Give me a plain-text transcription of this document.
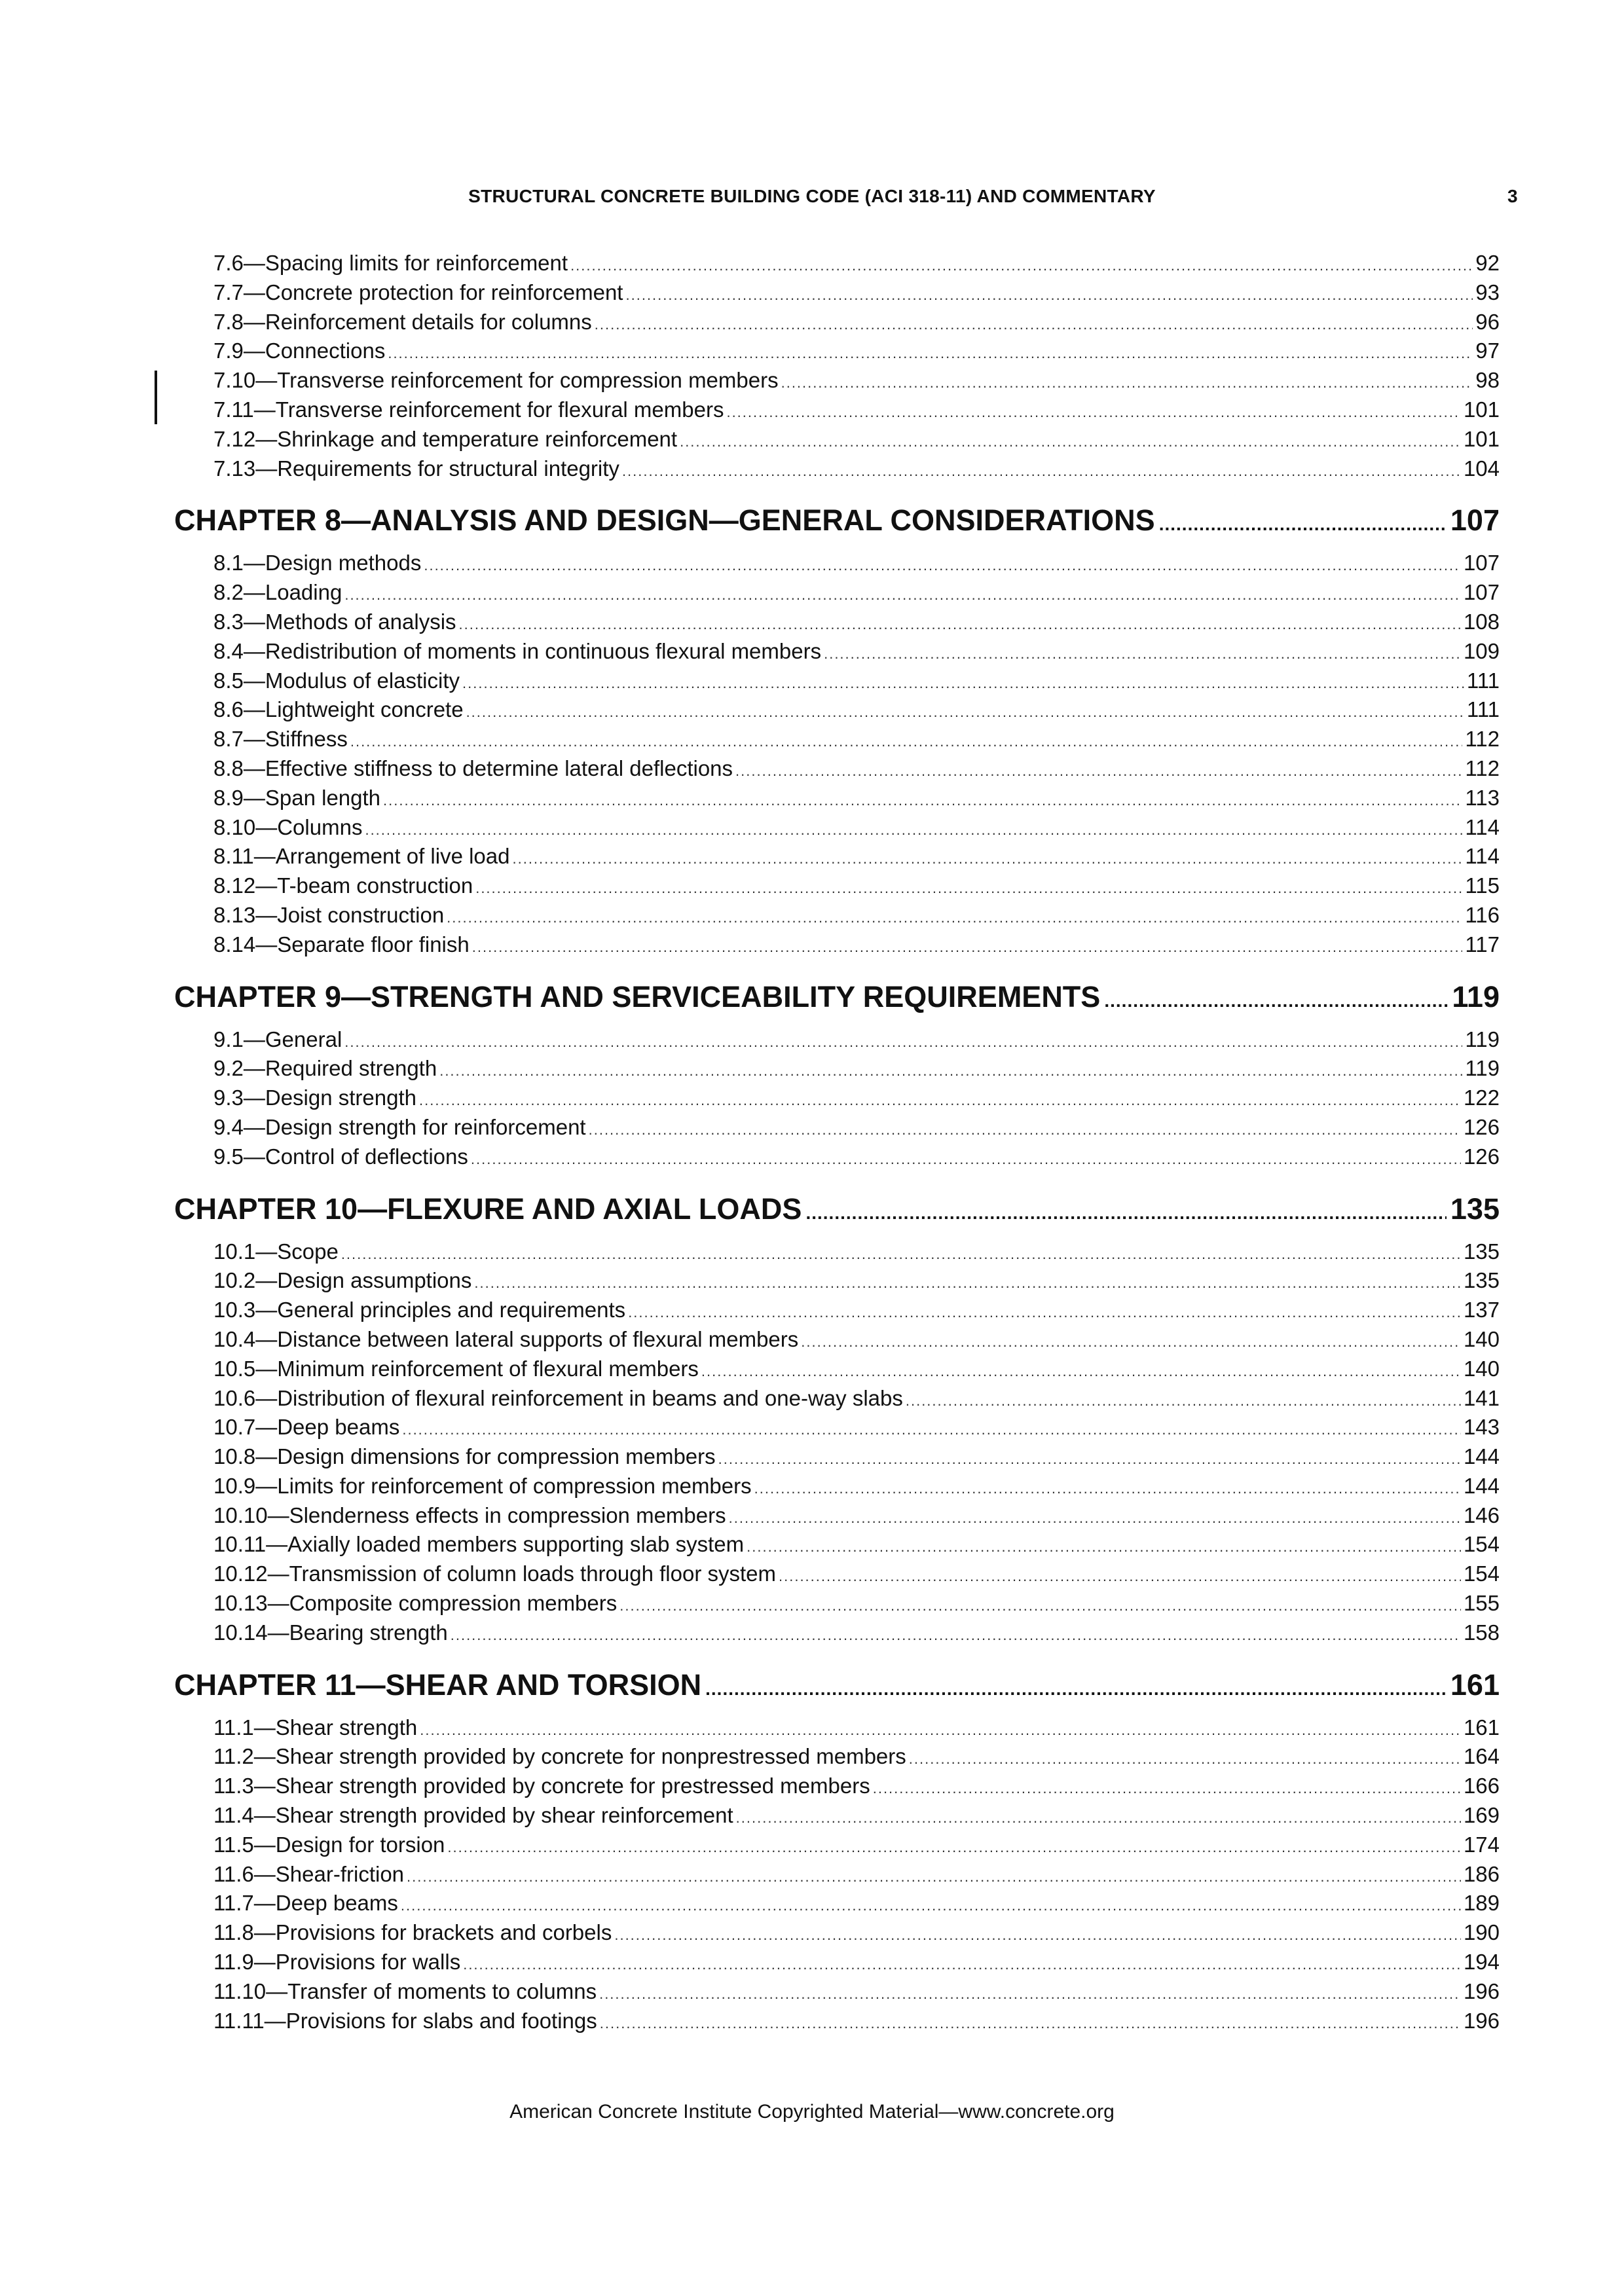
STRUCTURAL CONCRETE BUILDING CODE (ACI 318-11) AND COMMENTARY	3
7.6—Spacing limits for reinforcement .....	92
7.7—Concrete protection for reinforcement .....	93
7.8—Reinforcement details for columns .....	96
7.9—Connections .....	97
7.10—Transverse reinforcement for compression members .....	98
7.11—Transverse reinforcement for flexural members .....	101
7.12—Shrinkage and temperature reinforcement .....	101
7.13—Requirements for structural integrity .....	104
CHAPTER 8—ANALYSIS AND DESIGN—GENERAL CONSIDERATIONS .....	107
8.1—Design methods .....	107
8.2—Loading .....	107
8.3—Methods of analysis .....	108
8.4—Redistribution of moments in continuous flexural members .....	109
8.5—Modulus of elasticity .....	111
8.6—Lightweight concrete .....	111
8.7—Stiffness .....	112
8.8—Effective stiffness to determine lateral deflections .....	112
8.9—Span length .....	113
8.10—Columns .....	114
8.11—Arrangement of live load .....	114
8.12—T-beam construction .....	115
8.13—Joist construction .....	116
8.14—Separate floor finish .....	117
CHAPTER 9—STRENGTH AND SERVICEABILITY REQUIREMENTS .....	119
9.1—General .....	119
9.2—Required strength .....	119
9.3—Design strength .....	122
9.4—Design strength for reinforcement .....	126
9.5—Control of deflections .....	126
CHAPTER 10—FLEXURE AND AXIAL LOADS .....	135
10.1—Scope .....	135
10.2—Design assumptions .....	135
10.3—General principles and requirements .....	137
10.4—Distance between lateral supports of flexural members .....	140
10.5—Minimum reinforcement of flexural members .....	140
10.6—Distribution of flexural reinforcement in beams and one-way slabs .....	141
10.7—Deep beams .....	143
10.8—Design dimensions for compression members .....	144
10.9—Limits for reinforcement of compression members .....	144
10.10—Slenderness effects in compression members .....	146
10.11—Axially loaded members supporting slab system .....	154
10.12—Transmission of column loads through floor system .....	154
10.13—Composite compression members .....	155
10.14—Bearing strength .....	158
CHAPTER 11—SHEAR AND TORSION .....	161
11.1—Shear strength .....	161
11.2—Shear strength provided by concrete for nonprestressed members .....	164
11.3—Shear strength provided by concrete for prestressed members .....	166
11.4—Shear strength provided by shear reinforcement .....	169
11.5—Design for torsion .....	174
11.6—Shear-friction .....	186
11.7—Deep beams .....	189
11.8—Provisions for brackets and corbels .....	190
11.9—Provisions for walls .....	194
11.10—Transfer of moments to columns .....	196
11.11—Provisions for slabs and footings .....	196
American Concrete Institute Copyrighted Material—www.concrete.org
